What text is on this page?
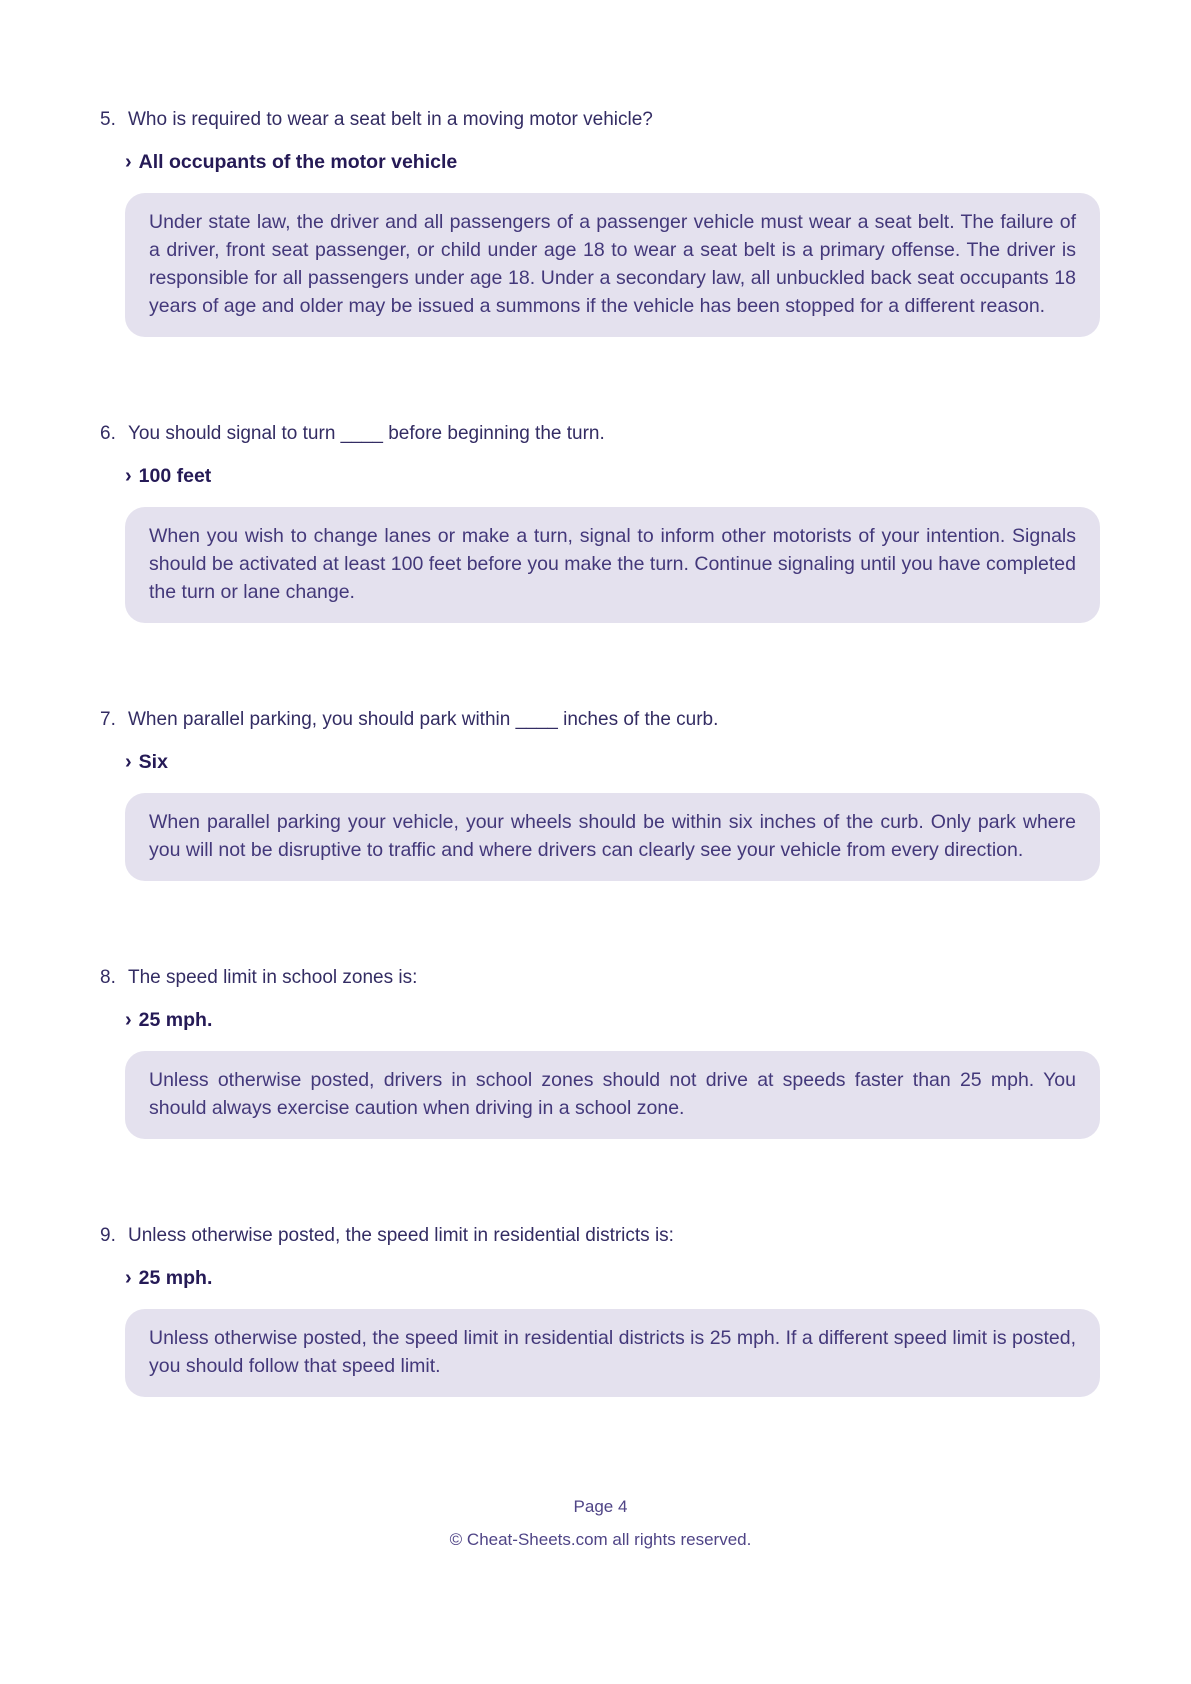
5. Who is required to wear a seat belt in a moving motor vehicle?
› All occupants of the motor vehicle

Under state law, the driver and all passengers of a passenger vehicle must wear a seat belt. The failure of a driver, front seat passenger, or child under age 18 to wear a seat belt is a primary offense. The driver is responsible for all passengers under age 18. Under a secondary law, all unbuckled back seat occupants 18 years of age and older may be issued a summons if the vehicle has been stopped for a different reason.

6. You should signal to turn ____ before beginning the turn.
› 100 feet

When you wish to change lanes or make a turn, signal to inform other motorists of your intention. Signals should be activated at least 100 feet before you make the turn. Continue signaling until you have completed the turn or lane change.

7. When parallel parking, you should park within ____ inches of the curb.
› Six

When parallel parking your vehicle, your wheels should be within six inches of the curb. Only park where you will not be disruptive to traffic and where drivers can clearly see your vehicle from every direction.

8. The speed limit in school zones is:
› 25 mph.

Unless otherwise posted, drivers in school zones should not drive at speeds faster than 25 mph. You should always exercise caution when driving in a school zone.

9. Unless otherwise posted, the speed limit in residential districts is:
› 25 mph.

Unless otherwise posted, the speed limit in residential districts is 25 mph. If a different speed limit is posted, you should follow that speed limit.

Page 4
© Cheat-Sheets.com all rights reserved.
